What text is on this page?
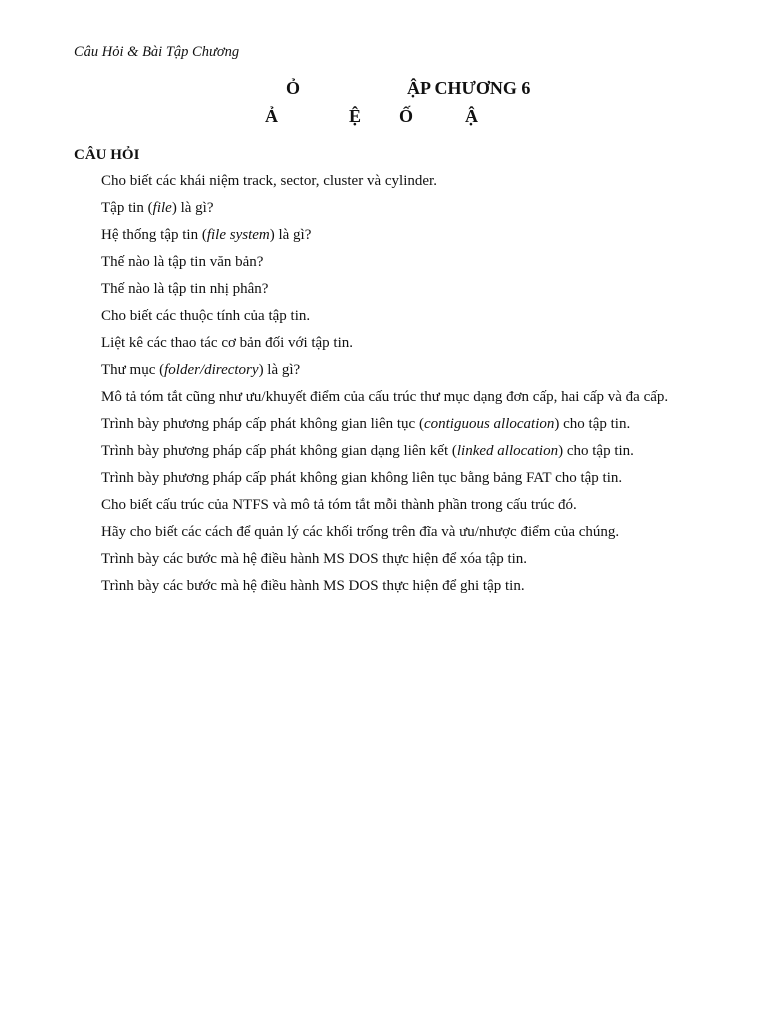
Câu Hỏi & Bài Tập Chương
Ỏ	ẬP CHƯƠNG 6
Ả	Ệ Ố	Ậ
CÂU HỎI
Cho biết các khái niệm track, sector, cluster và cylinder.
Tập tin (file) là gì?
Hệ thống tập tin (file system) là gì?
Thế nào là tập tin văn bản?
Thế nào là tập tin nhị phân?
Cho biết các thuộc tính của tập tin.
Liệt kê các thao tác cơ bản đối với tập tin.
Thư mục (folder/directory) là gì?
Mô tả tóm tắt cũng như ưu/khuyết điểm của cấu trúc thư mục dạng đơn cấp, hai cấp và đa cấp.
Trình bày phương pháp cấp phát không gian liên tục (contiguous allocation) cho tập tin.
Trình bày phương pháp cấp phát không gian dạng liên kết (linked allocation) cho tập tin.
Trình bày phương pháp cấp phát không gian không liên tục bằng bảng FAT cho tập tin.
Cho biết cấu trúc của NTFS và mô tả tóm tắt mỗi thành phần trong cấu trúc đó.
Hãy cho biết các cách để quản lý các khối trống trên đĩa và ưu/nhược điểm của chúng.
Trình bày các bước mà hệ điều hành MS DOS thực hiện để xóa tập tin.
Trình bày các bước mà hệ điều hành MS DOS thực hiện để ghi tập tin.
